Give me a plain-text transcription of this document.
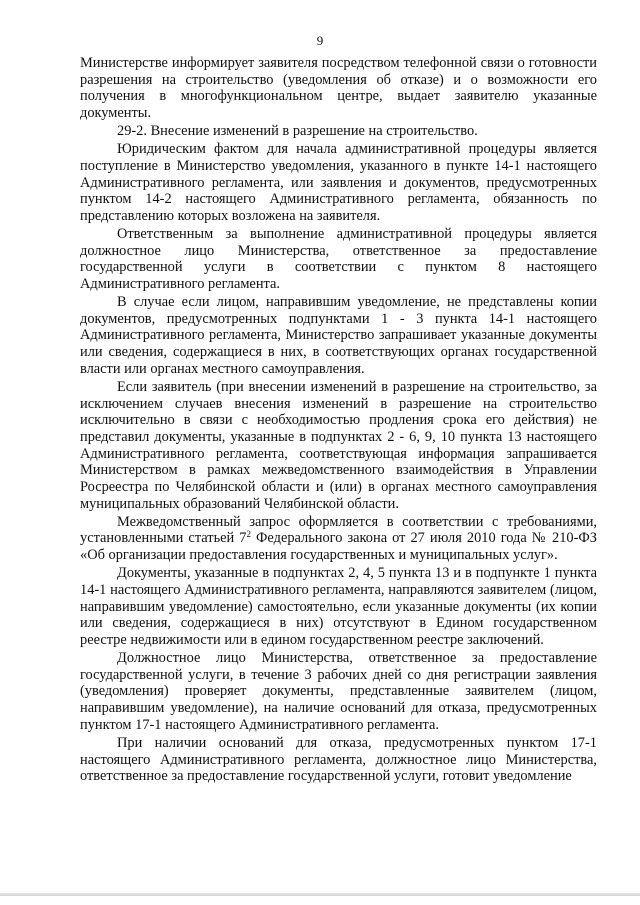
9

Министерстве информирует заявителя посредством телефонной связи о готовности разрешения на строительство (уведомления об отказе) и о возможности его получения в многофункциональном центре, выдает заявителю указанные документы.

29-2. Внесение изменений в разрешение на строительство.

Юридическим фактом для начала административной процедуры является поступление в Министерство уведомления, указанного в пункте 14-1 настоящего Административного регламента, или заявления и документов, предусмотренных пунктом 14-2 настоящего Административного регламента, обязанность по представлению которых возложена на заявителя.

Ответственным за выполнение административной процедуры является должностное лицо Министерства, ответственное за предоставление государственной услуги в соответствии с пунктом 8 настоящего Административного регламента.

В случае если лицом, направившим уведомление, не представлены копии документов, предусмотренных подпунктами 1 - 3 пункта 14-1 настоящего Административного регламента, Министерство запрашивает указанные документы или сведения, содержащиеся в них, в соответствующих органах государственной власти или органах местного самоуправления.

Если заявитель (при внесении изменений в разрешение на строительство, за исключением случаев внесения изменений в разрешение на строительство исключительно в связи с необходимостью продления срока его действия) не представил документы, указанные в подпунктах 2 - 6, 9, 10 пункта 13 настоящего Административного регламента, соответствующая информация запрашивается Министерством в рамках межведомственного взаимодействия в Управлении Росреестра по Челябинской области и (или) в органах местного самоуправления муниципальных образований Челябинской области.

Межведомственный запрос оформляется в соответствии с требованиями, установленными статьей $7^2$ Федерального закона от 27 июля 2010 года № 210-ФЗ «Об организации предоставления государственных и муниципальных услуг».

Документы, указанные в подпунктах 2, 4, 5 пункта 13 и в подпункте 1 пункта 14-1 настоящего Административного регламента, направляются заявителем (лицом, направившим уведомление) самостоятельно, если указанные документы (их копии или сведения, содержащиеся в них) отсутствуют в Едином государственном реестре недвижимости или в едином государственном реестре заключений.

Должностное лицо Министерства, ответственное за предоставление государственной услуги, в течение 3 рабочих дней со дня регистрации заявления (уведомления) проверяет документы, представленные заявителем (лицом, направившим уведомление), на наличие оснований для отказа, предусмотренных пунктом 17-1 настоящего Административного регламента.

При наличии оснований для отказа, предусмотренных пунктом 17-1 настоящего Административного регламента, должностное лицо Министерства, ответственное за предоставление государственной услуги, готовит уведомление
